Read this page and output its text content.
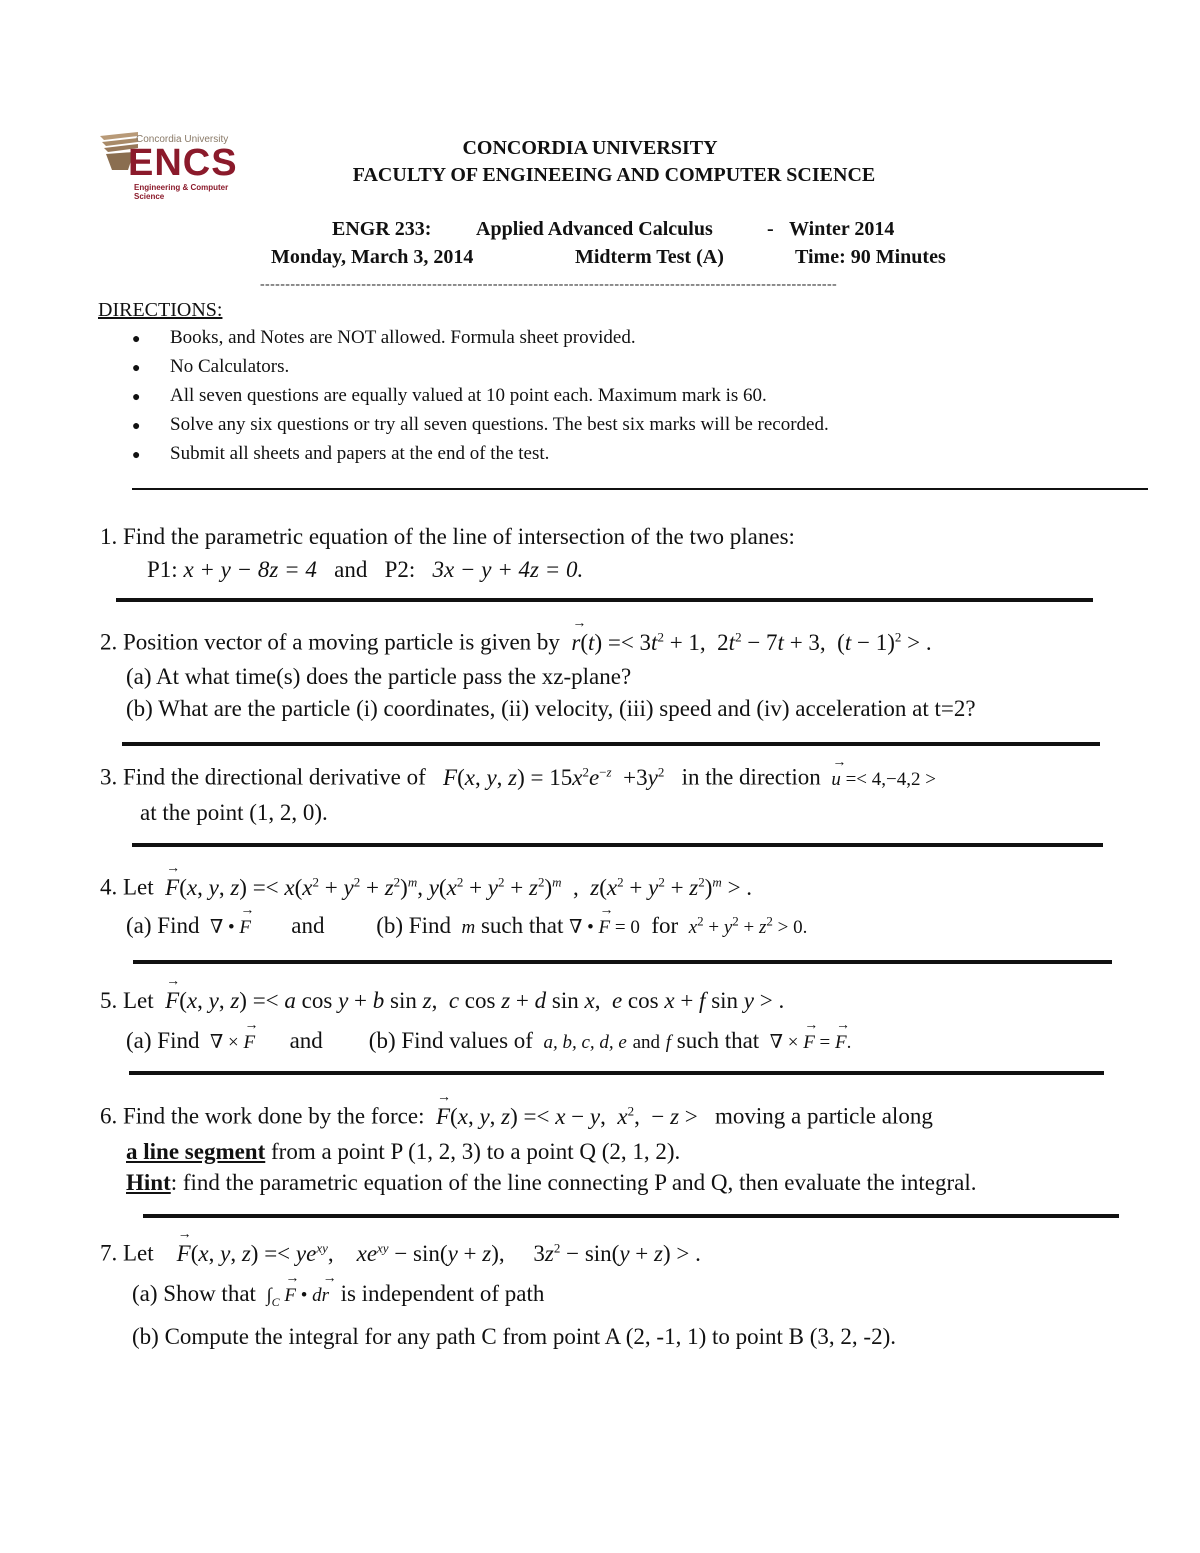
Concordia University
ENCS
Engineering & Computer Science
CONCORDIA UNIVERSITY
FACULTY OF ENGINEEING AND COMPUTER SCIENCE
ENGR 233: Applied Advanced Calculus	- Winter 2014
Monday, March 3, 2014	Midterm Test (A)	Time: 90 Minutes
------------------------------------------------------------------------------------------------------------------
DIRECTIONS:
● Books, and Notes are NOT allowed. Formula sheet provided.
● No Calculators.
● All seven questions are equally valued at 10 point each. Maximum mark is 60.
● Solve any six questions or try all seven questions. The best six marks will be recorded.
● Submit all sheets and papers at the end of the test.
1. Find the parametric equation of the line of intersection of the two planes:
P1: x + y − 8z = 4 and P2: 3x − y + 4z = 0.
2. Position vector of a moving particle is given by → $r(t) =< 3t^2 + 1$,  $2t^2 - 7t + 3$,  $(t - 1)^2$ > .
(a) At what time(s) does the particle pass the xz-plane?
(b) What are the particle (i) coordinates, (ii) velocity, (iii) speed and (iv) acceleration at t=2?
3. Find the directional derivative of F(x, y, $z) = 15x^2e^{-z} +3y^2$ in the direction → u =< 4,−4,2 >
at the point (1, 2, 0).
4. Let → F(x, y, $z) =< x(x^2 + y^2 + z^2)^m$, $y(x^2 + y^2 + z^2)^m$  ,  $z(x^2 + y^2 + z^2)^m$ > .
(a) Find  ∇ • → F and (b) Find  m such that ∇ • → F = 0 for $x^2 + y^2 + z^2 > 0$.
5. Let → F(x, y, z) =< a cos y + b sin z,  c cos z + d sin x,  e cos x + f sin y > .
(a) Find  ∇ × → F and (b) Find values of  a, b, c, d, e and f such that  ∇ × → F = → F.
6. Find the work done by the force: → F(x, y, z) =< x − y,  $x^2$,  − z > moving a particle along
a line segment from a point P (1, 2, 3) to a point Q (2, 1, 2).
Hint: find the parametric equation of the line connecting P and Q, then evaluate the integral.
7. Let → F(x, y, $z) =< ye^{xy}$,    $xe^{xy} - \sin(y + z)$,     $3z^2 - \sin(y + z)$ > .
(a) Show that  $\int_C \to F$ • d→ r is independent of path
(b) Compute the integral for any path C from point A (2, -1, 1) to point B (3, 2, -2).
